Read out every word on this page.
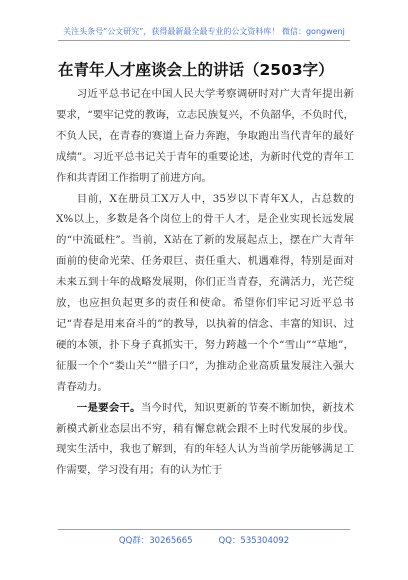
关注头条号“公文研究”，获得最新最全最专业的公文资料库！ 微信：gongwenj
在青年人才座谈会上的讲话（2503字）

习近平总书记在中国人民大学考察调研时对广大青年提出新要求，“要牢记党的教诲，立志民族复兴，不负韶华，不负时代，不负人民，在青春的赛道上奋力奔跑，争取跑出当代青年的最好成绩”。习近平总书记关于青年的重要论述，为新时代党的青年工作和共青团工作指明了前进方向。

目前，X在册员工X万人中，35岁以下青年X人，占总数的X%以上，多数是各个岗位上的骨干人才，是企业实现长远发展的“中流砥柱”。当前，X站在了新的发展起点上，摆在广大青年面前的使命光荣、任务艰巨、责任重大、机遇难得，特别是面对未来五到十年的战略发展期，你们正当青春，充满活力，光芒绽放，也应担负起更多的责任和使命。希望你们牢记习近平总书记“青春是用来奋斗的”的教导，以执着的信念、丰富的知识、过硬的本领，扑下身子真抓实干，努力跨越一个个“雪山”“草地”，征服一个个“娄山关”“腊子口”，为推动企业高质量发展注入强大青春动力。

一是要会干。当今时代，知识更新的节奏不断加快，新技术新模式新业态层出不穷，稍有懈怠就会跟不上时代发展的步伐。现实生活中，我也了解到，有的年轻人认为当前学历能够满足工作需要，学习没有用；有的认为忙于

QQ群：30265665	QQ：535304092
